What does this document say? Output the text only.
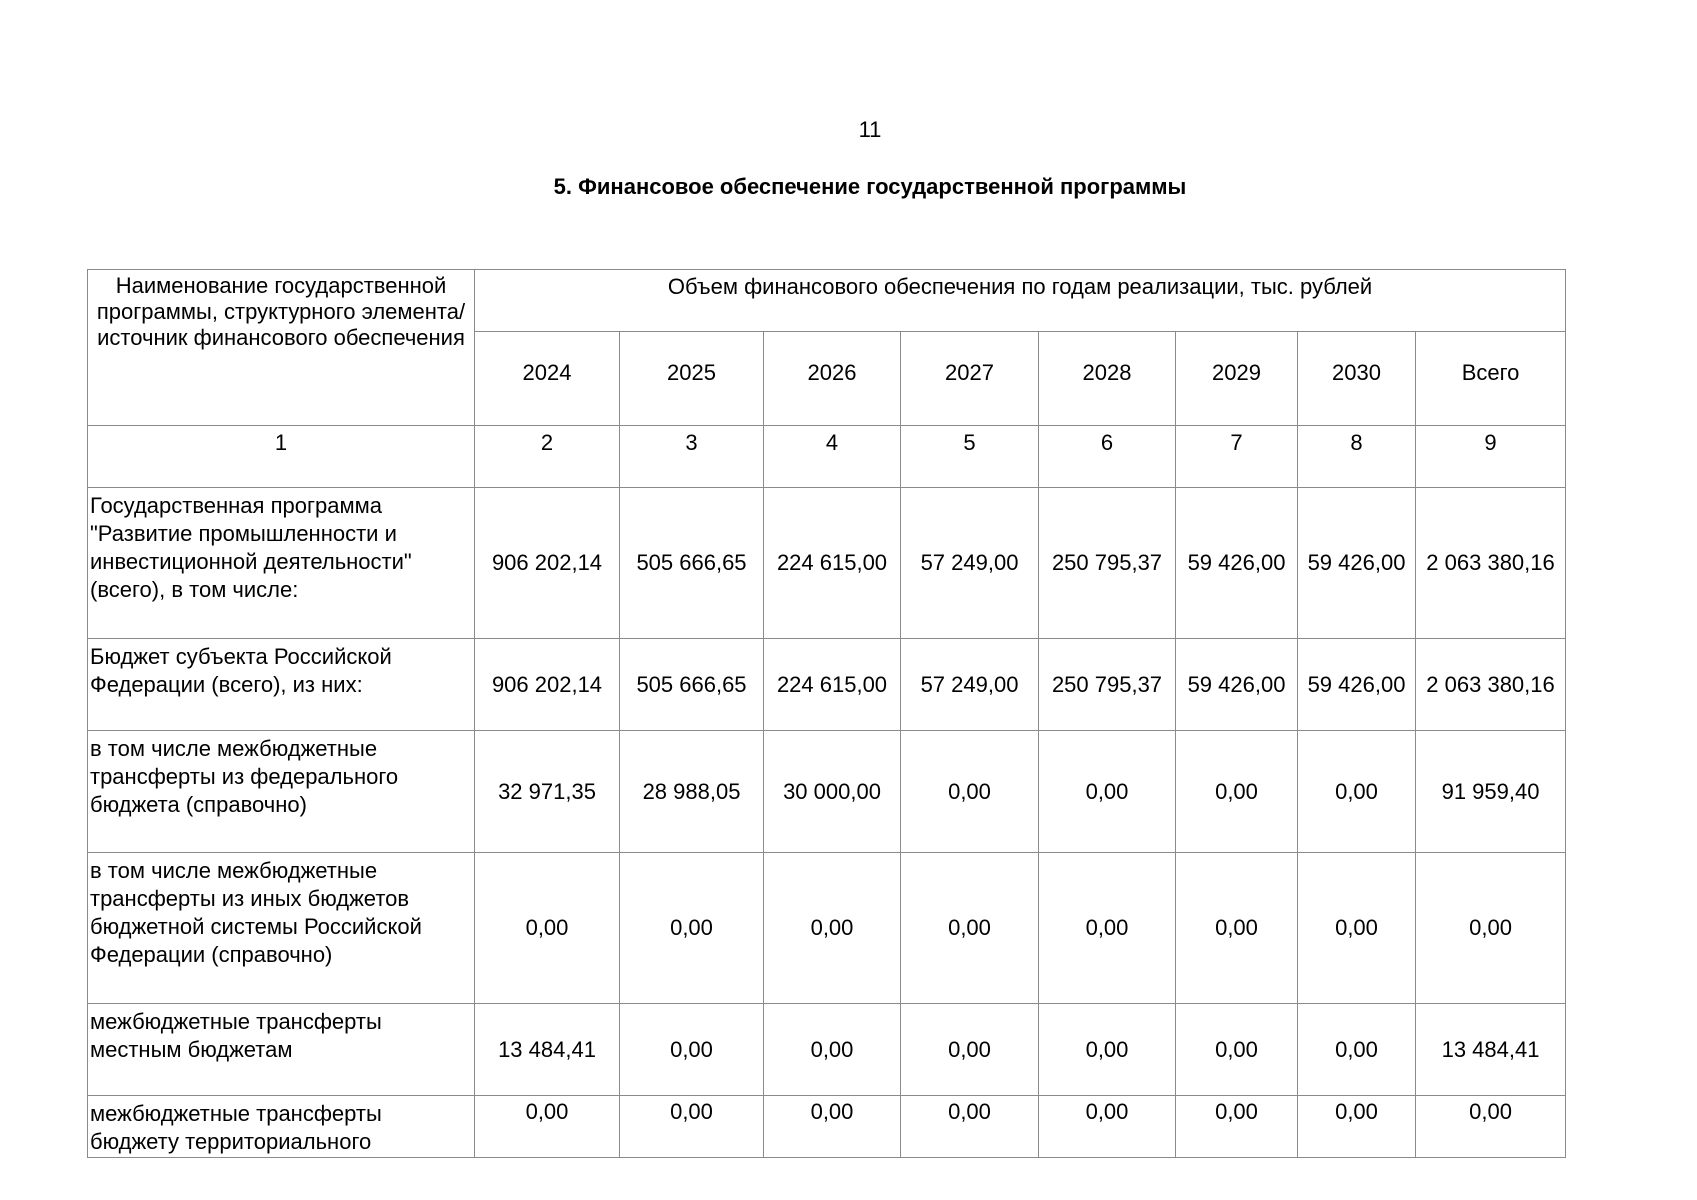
11
5. Финансовое обеспечение государственной программы
Наименование государственной программы, структурного элемента/источник финансового обеспечения	Объем финансового обеспечения по годам реализации, тыс. рублей							
	2024	2025	2026	2027	2028	2029	2030	Всего
1	2	3	4	5	6	7	8	9
Государственная программа "Развитие промышленности и инвестиционной деятельности" (всего), в том числе:	906 202,14	505 666,65	224 615,00	57 249,00	250 795,37	59 426,00	59 426,00	2 063 380,16
Бюджет субъекта Российской Федерации (всего), из них:	906 202,14	505 666,65	224 615,00	57 249,00	250 795,37	59 426,00	59 426,00	2 063 380,16
в том числе межбюджетные трансферты из федерального бюджета (справочно)	32 971,35	28 988,05	30 000,00	0,00	0,00	0,00	0,00	91 959,40
в том числе межбюджетные трансферты из иных бюджетов бюджетной системы Российской Федерации (справочно)	0,00	0,00	0,00	0,00	0,00	0,00	0,00	0,00
межбюджетные трансферты местным бюджетам	13 484,41	0,00	0,00	0,00	0,00	0,00	0,00	13 484,41
межбюджетные трансферты бюджету территориального	0,00	0,00	0,00	0,00	0,00	0,00	0,00	0,00
